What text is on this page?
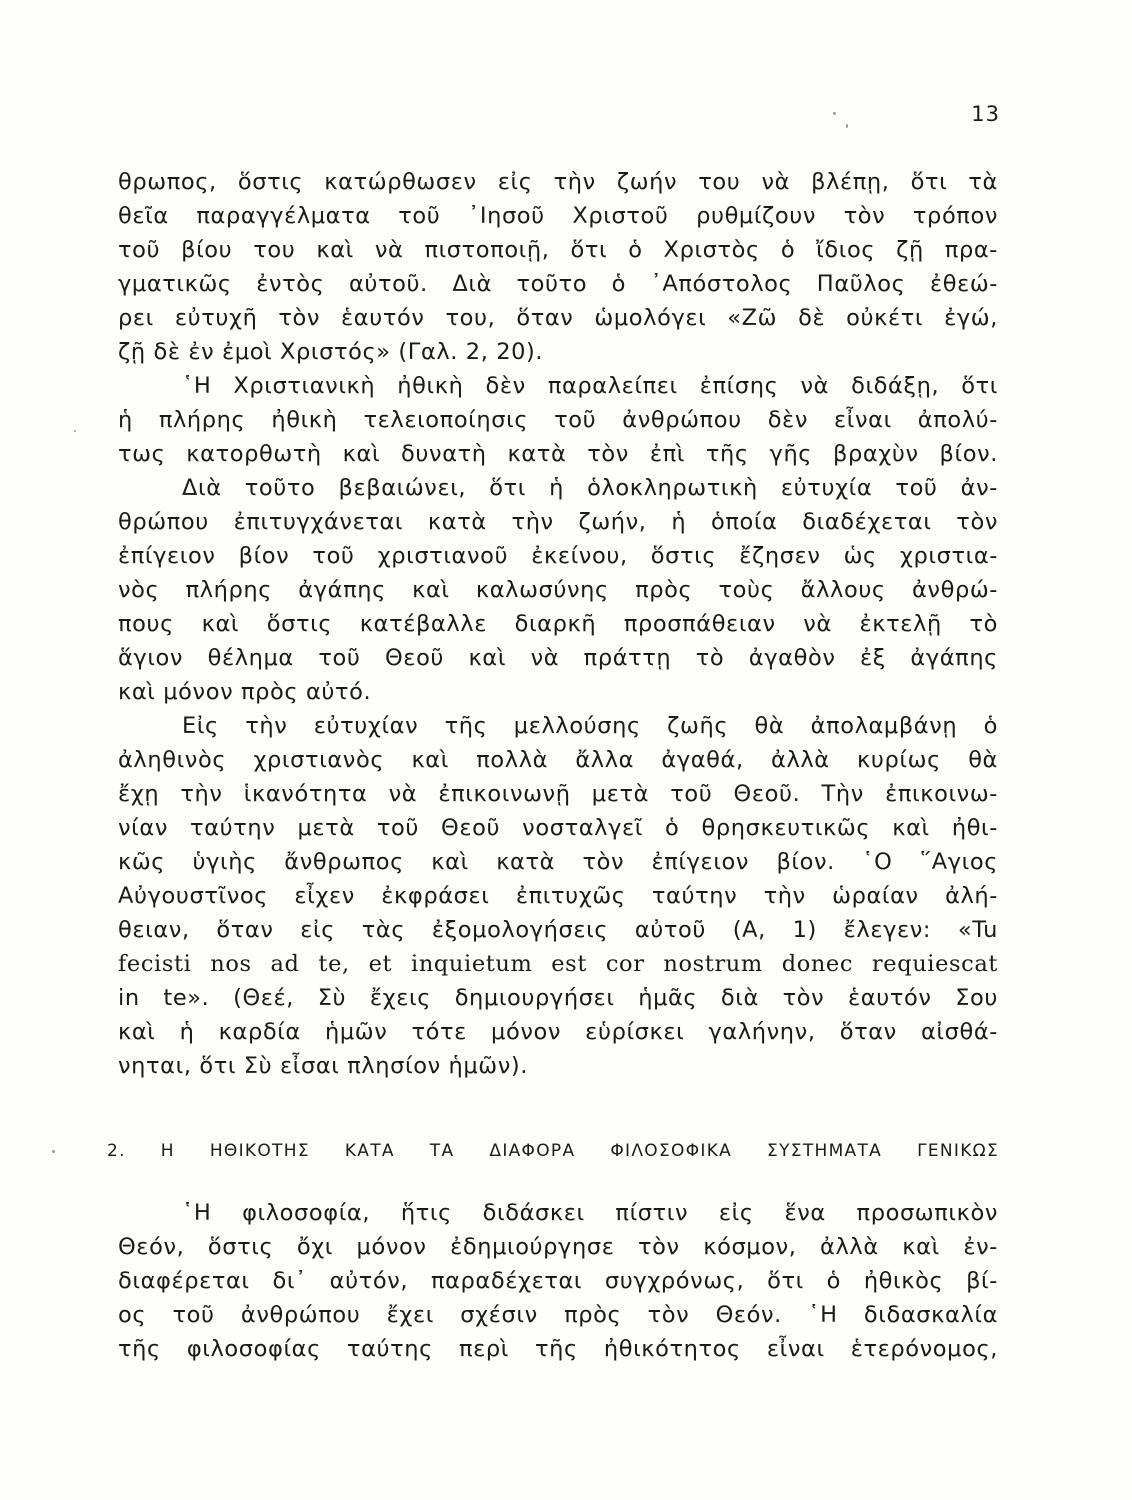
13
θρωπος, ὅστις κατώρθωσεν εἰς τὴν ζωήν του νὰ βλέπῃ, ὅτι τὰ
θεῖα παραγγέλματα τοῦ ᾿Ιησοῦ Χριστοῦ ρυθμίζουν τὸν τρόπον
τοῦ βίου του καὶ νὰ πιστοποιῇ, ὅτι ὁ Χριστὸς ὁ ἴδιος ζῇ πρα-
γματικῶς ἐντὸς αὐτοῦ. Διὰ τοῦτο ὁ ᾿Απόστολος Παῦλος ἐθεώ-
ρει εὐτυχῆ τὸν ἑαυτόν του, ὅταν ὡμολόγει «Ζῶ δὲ οὐκέτι ἐγώ,
ζῇ δὲ ἐν ἐμοὶ Χριστός» (Γαλ. 2, 20).
῾Η Χριστιανικὴ ἠθικὴ δὲν παραλείπει ἐπίσης νὰ διδάξῃ, ὅτι
ἡ πλήρης ἠθικὴ τελειοποίησις τοῦ ἀνθρώπου δὲν εἶναι ἀπολύ-
τως κατορθωτὴ καὶ δυνατὴ κατὰ τὸν ἐπὶ τῆς γῆς βραχὺν βίον.
Διὰ τοῦτο βεβαιώνει, ὅτι ἡ ὁλοκληρωτικὴ εὐτυχία τοῦ ἀν-
θρώπου ἐπιτυγχάνεται κατὰ τὴν ζωήν, ἡ ὁποία διαδέχεται τὸν
ἐπίγειον βίον τοῦ χριστιανοῦ ἐκείνου, ὅστις ἔζησεν ὡς χριστια-
νὸς πλήρης ἀγάπης καὶ καλωσύνης πρὸς τοὺς ἄλλους ἀνθρώ-
πους καὶ ὅστις κατέβαλλε διαρκῆ προσπάθειαν νὰ ἐκτελῇ τὸ
ἅγιον θέλημα τοῦ Θεοῦ καὶ νὰ πράττῃ τὸ ἀγαθὸν ἐξ ἀγάπης
καὶ μόνον πρὸς αὐτό.
Εἰς τὴν εὐτυχίαν τῆς μελλούσης ζωῆς θὰ ἀπολαμβάνῃ ὁ
ἀληθινὸς χριστιανὸς καὶ πολλὰ ἄλλα ἀγαθά, ἀλλὰ κυρίως θὰ
ἔχῃ τὴν ἱκανότητα νὰ ἐπικοινωνῇ μετὰ τοῦ Θεοῦ. Τὴν ἐπικοινω-
νίαν ταύτην μετὰ τοῦ Θεοῦ νοσταλγεῖ ὁ θρησκευτικῶς καὶ ἠθι-
κῶς ὑγιὴς ἄνθρωπος καὶ κατὰ τὸν ἐπίγειον βίον. ῾Ο ῞Αγιος
Αὐγουστῖνος εἶχεν ἐκφράσει ἐπιτυχῶς ταύτην τὴν ὡραίαν ἀλή-
θειαν, ὅταν εἰς τὰς ἐξομολογήσεις αὐτοῦ (Α, 1) ἔλεγεν: «Tu
fecisti nos ad te, et inquietum est cor nostrum donec requiescat
in te». (Θεέ, Σὺ ἔχεις δημιουργήσει ἡμᾶς διὰ τὸν ἑαυτόν Σου
καὶ ἡ καρδία ἡμῶν τότε μόνον εὑρίσκει γαλήνην, ὅταν αἰσθά-
νηται, ὅτι Σὺ εἶσαι πλησίον ἡμῶν).
2. Η ΗΘΙΚΟΤΗΣ ΚΑΤΑ ΤΑ ΔΙΑΦΟΡΑ ΦΙΛΟΣΟΦΙΚΑ ΣΥΣΤΗΜΑΤΑ ΓΕΝΙΚΩΣ
῾Η φιλοσοφία, ἥτις διδάσκει πίστιν εἰς ἕνα προσωπικὸν
Θεόν, ὅστις ὄχι μόνον ἐδημιούργησε τὸν κόσμον, ἀλλὰ καὶ ἐν-
διαφέρεται δι᾿ αὐτόν, παραδέχεται συγχρόνως, ὅτι ὁ ἠθικὸς βί-
ος τοῦ ἀνθρώπου ἔχει σχέσιν πρὸς τὸν Θεόν. ῾Η διδασκαλία
τῆς φιλοσοφίας ταύτης περὶ τῆς ἠθικότητος εἶναι ἑτερόνομος,
